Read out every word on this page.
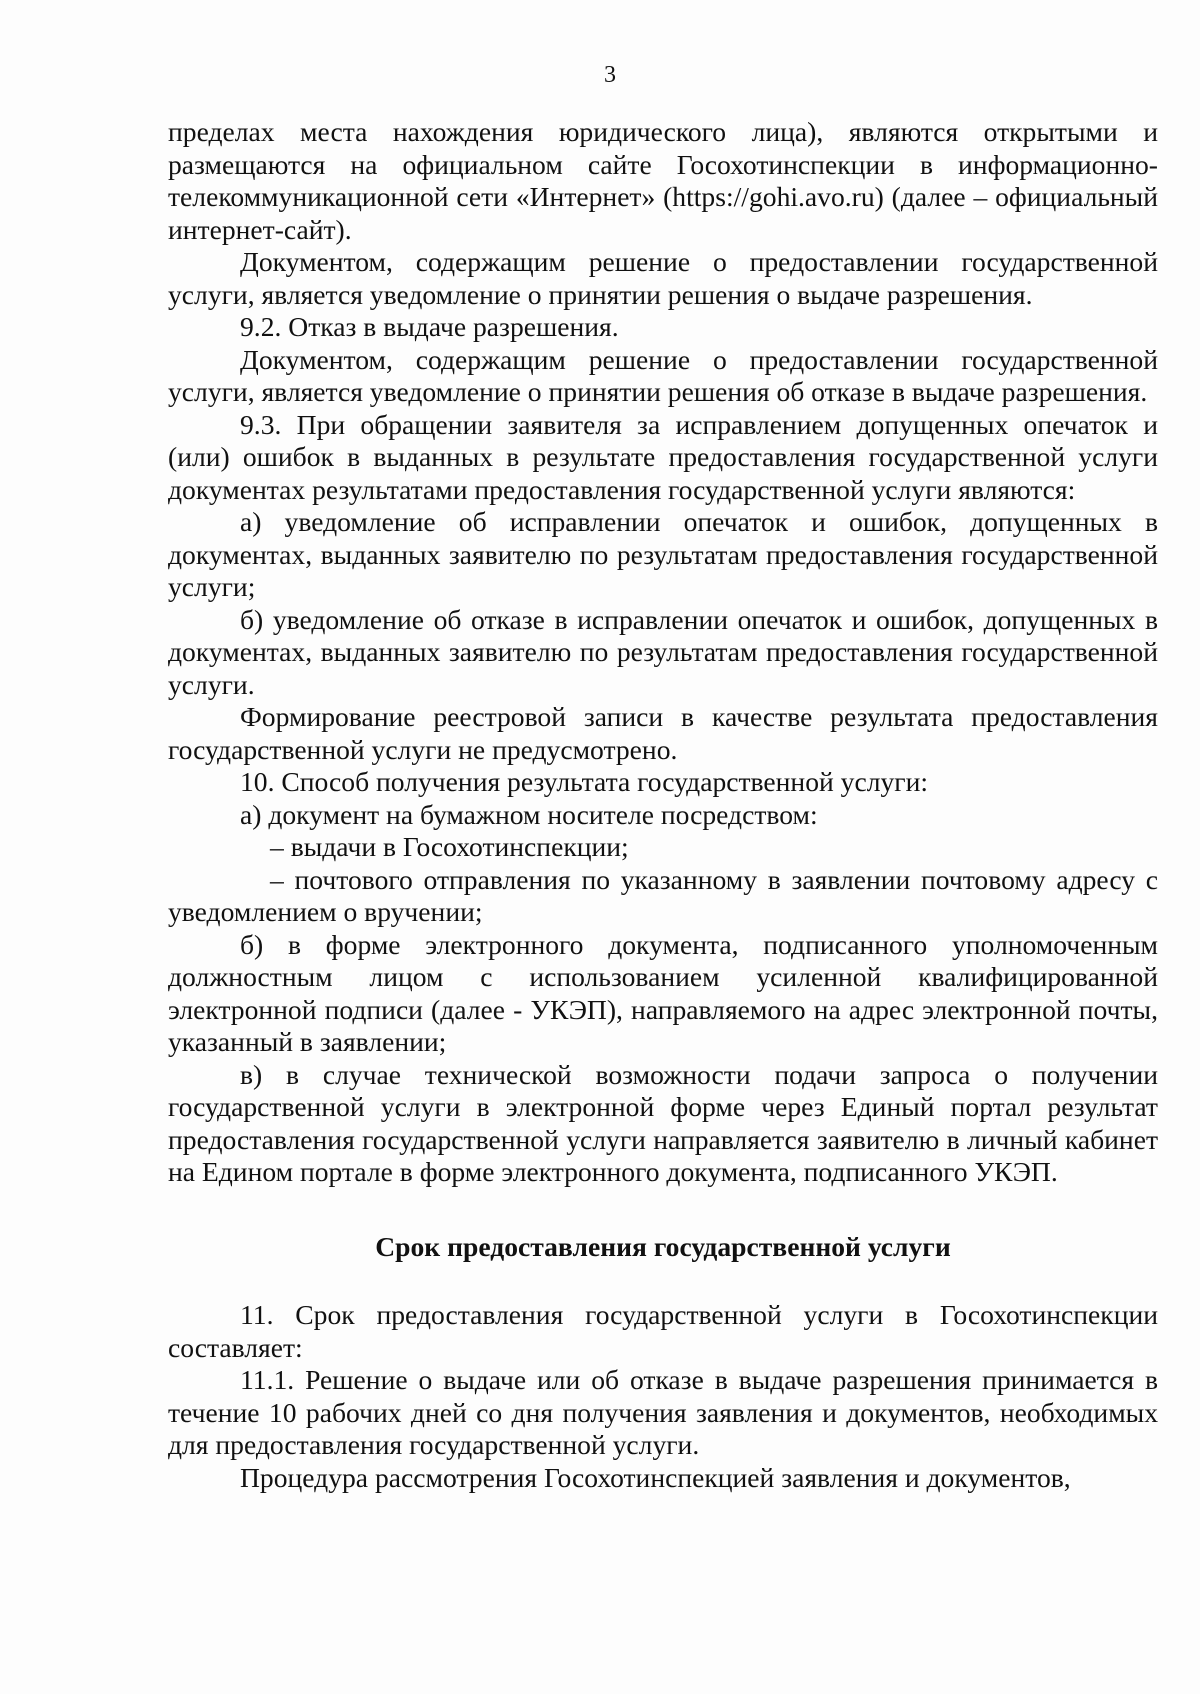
3

пределах места нахождения юридического лица), являются открытыми и размещаются на официальном сайте Госохотинспекции в информационно-телекоммуникационной сети «Интернет» (https://gohi.avo.ru) (далее – официальный интернет-сайт).

Документом, содержащим решение о предоставлении государственной услуги, является уведомление о принятии решения о выдаче разрешения.

9.2. Отказ в выдаче разрешения.

Документом, содержащим решение о предоставлении государственной услуги, является уведомление о принятии решения об отказе в выдаче разрешения.

9.3. При обращении заявителя за исправлением допущенных опечаток и (или) ошибок в выданных в результате предоставления государственной услуги документах результатами предоставления государственной услуги являются:

а) уведомление об исправлении опечаток и ошибок, допущенных в документах, выданных заявителю по результатам предоставления государственной услуги;

б) уведомление об отказе в исправлении опечаток и ошибок, допущенных в документах, выданных заявителю по результатам предоставления государственной услуги.

Формирование реестровой записи в качестве результата предоставления государственной услуги не предусмотрено.

10. Способ получения результата государственной услуги:

а) документ на бумажном носителе посредством:

– выдачи в Госохотинспекции;

– почтового отправления по указанному в заявлении почтовому адресу с уведомлением о вручении;

б) в форме электронного документа, подписанного уполномоченным должностным лицом с использованием усиленной квалифицированной электронной подписи (далее - УКЭП), направляемого на адрес электронной почты, указанный в заявлении;

в) в случае технической возможности подачи запроса о получении государственной услуги в электронной форме через Единый портал результат предоставления государственной услуги направляется заявителю в личный кабинет на Едином портале в форме электронного документа, подписанного УКЭП.

Срок предоставления государственной услуги

11. Срок предоставления государственной услуги в Госохотинспекции составляет:

11.1. Решение о выдаче или об отказе в выдаче разрешения принимается в течение 10 рабочих дней со дня получения заявления и документов, необходимых для предоставления государственной услуги.

Процедура рассмотрения Госохотинспекцией заявления и документов,
